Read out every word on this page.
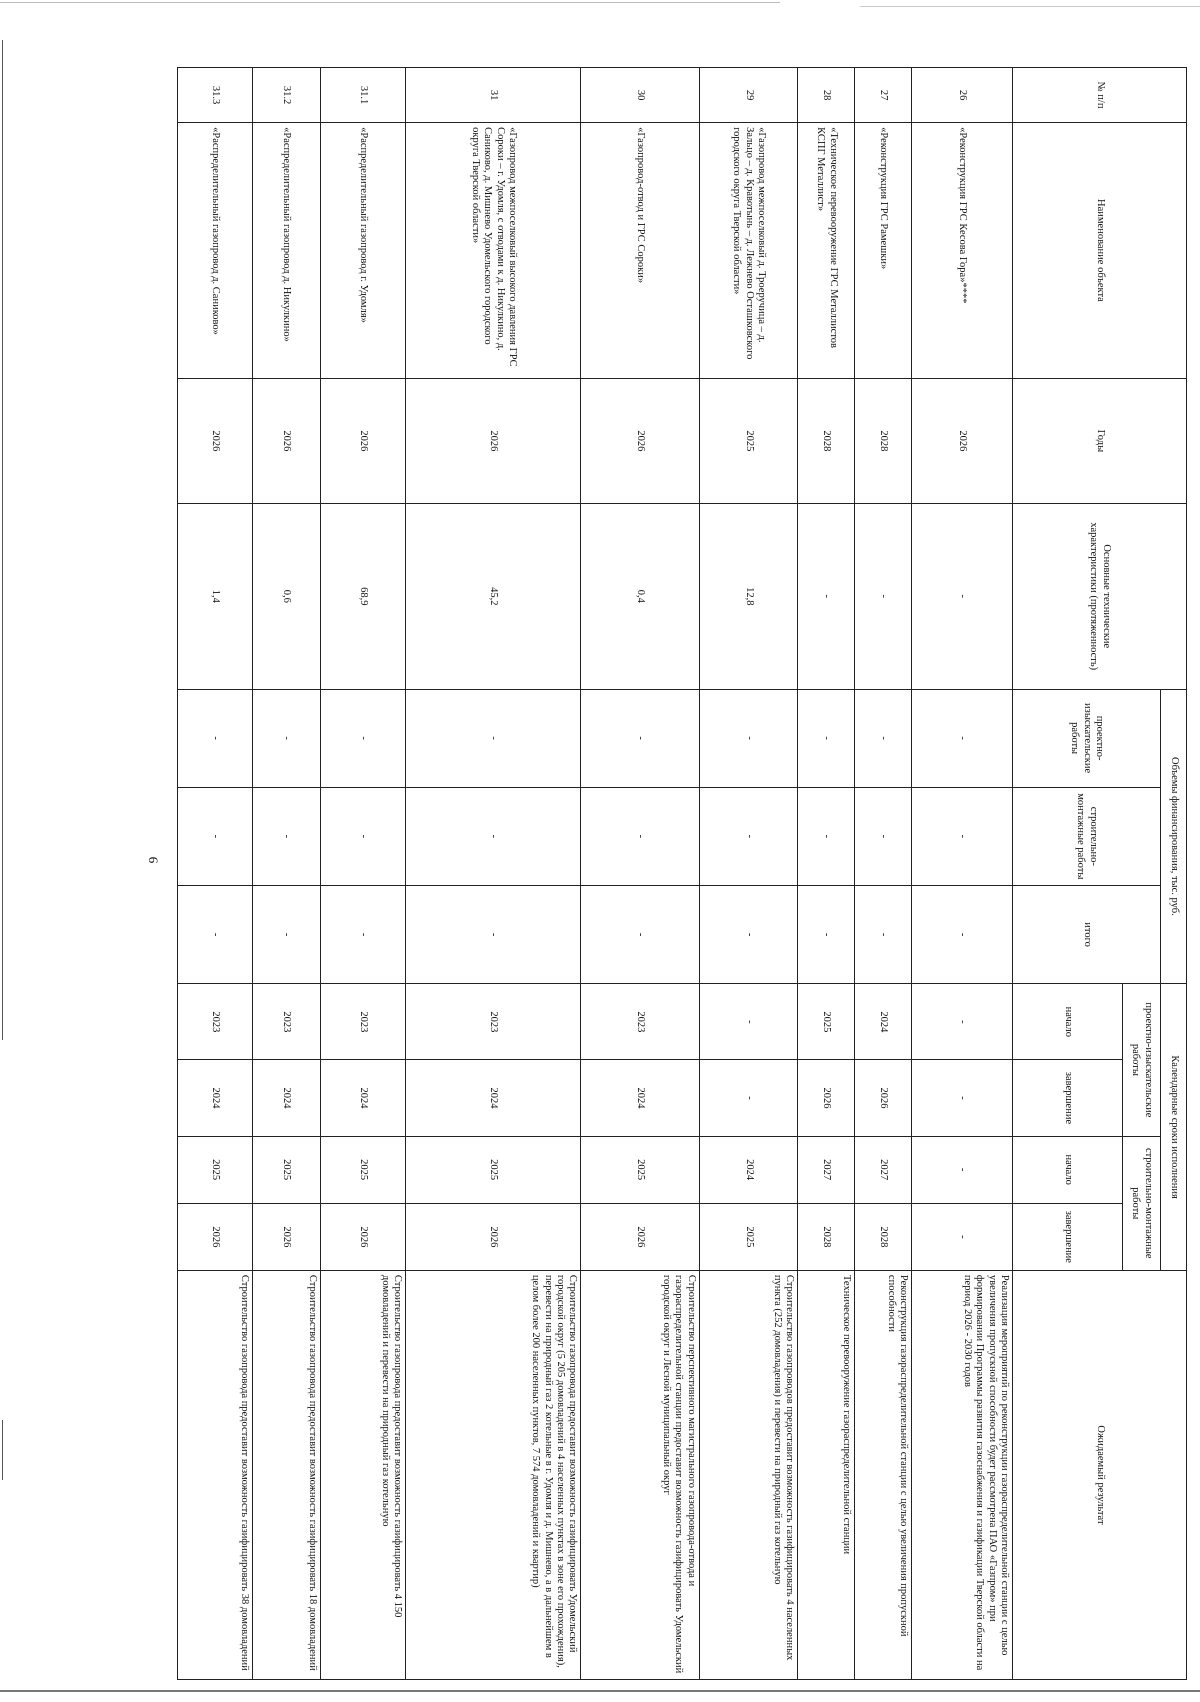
9
№ п/п	Наименование объекта	Годы	Основные технические характеристики (протяженность)	Объемы финансирования, тыс. руб.			Календарные сроки исполнения				Ожидаемый результат
				проектно-изыскательские работы	строительно-монтажные работы	итого	проектно-изыскательские работы		строительно-монтажные работы		
							начало	завершение	начало	завершение	
26	«Реконструкция ГРС Кесова Гора»****	2026	-	-	-	-	-	-	-	-	Реализация мероприятий по реконструкции газораспределительной станции с целью увеличения пропускной способности будет рассмотрена ПАО «Газпром» при формировании Программы развития газоснабжения и газификации Тверской области на период 2026 - 2030 годов
27	«Реконструкция ГРС Рамешки»	2028	-	-	-	-	2024	2026	2027	2028	Реконструкция газораспределительной станции с целью увеличения пропускной способности
28	«Техническое перевооружение ГРС Металлистов КСПГ Металлист»	2028	-	-	-	-	2025	2026	2027	2028	Техническое перевооружение газораспределительной станции
29	«Газопровод межпоселковый д. Троеручица – д. Зальцо – д. Кравотынь – д. Лежнево Осташковского городского округа Тверской области»	2025	12,8	-	-	-	-	-	2024	2025	Строительство газопроводов предоставит возможность газифицировать 4 населенных пункта (252 домовладения) и перевести на природный газ котельную
30	«Газопровод-отвод и ГРС Сороки»	2026	0,4	-	-	-	2023	2024	2025	2026	Строительство перспективного магистрального газопровода-отвода и газораспределительной станции предоставит возможность газифицировать Удомельский городской округ и Лесной муниципальный округ
31	«Газопровод межпоселковый высокого давления ГРС Сороки – г. Удомля, с отводами к д. Никулкино, д. Саниково, д. Мишнево Удомельского городского округа Тверской области»	2026	45,2	-	-	-	2023	2024	2025	2026	Строительство газопровода предоставит возможность газифицировать Удомельский городской округ (5 205 домовладений в 4 населенных пунктах в зоне его прохождения), перевести на природный газ 2 котельные в г. Удомля и д. Мишнево, а в дальнейшем в целом более 200 населенных пунктов, 7 574 домовладений и квартир)
31.1	«Распределительный газопровод г. Удомля»	2026	68,9	-	-	-	2023	2024	2025	2026	Строительство газопровода предоставит возможность газифицировать 4 150 домовладений и перевести на природный газ котельную
31.2	«Распределительный газопровод д. Никулкино»	2026	0,6	-	-	-	2023	2024	2025	2026	Строительство газопровода предоставит возможность газифицировать 18 домовладений
31.3	«Распределительный газопровод д. Саниково»	2026	1,4	-	-	-	2023	2024	2025	2026	Строительство газопровода предоставит возможность газифицировать 38 домовладений
